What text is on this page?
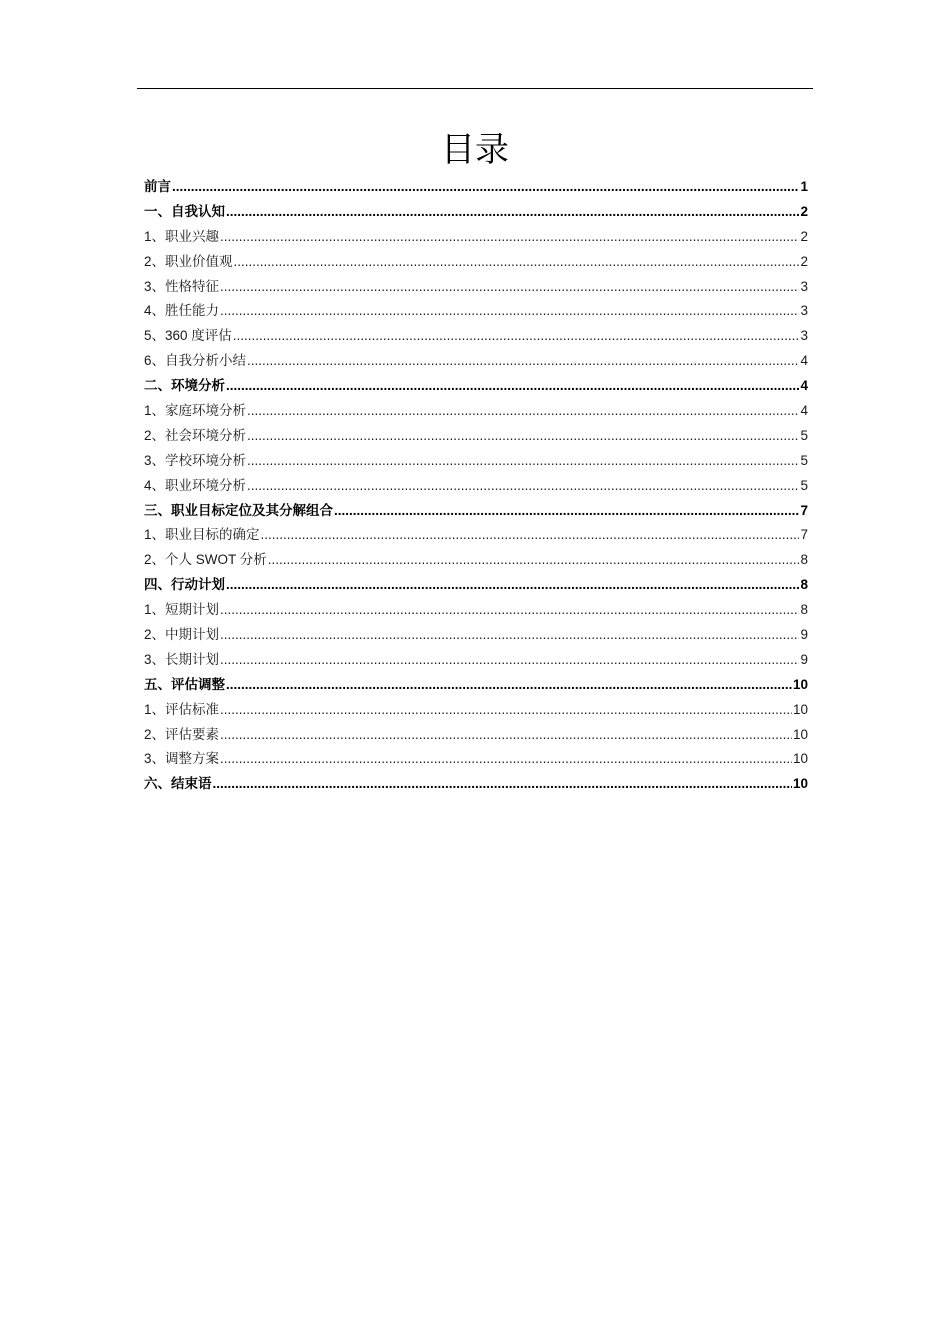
目录
前言 .....	1
一、自我认知 .....	2
1、职业兴趣 .....	2
2、职业价值观 .....	2
3、性格特征 .....	3
4、胜任能力 .....	3
5、360 度评估 .....	3
6、自我分析小结 .....	4
二、环境分析 .....	4
1、家庭环境分析 .....	4
2、社会环境分析 .....	5
3、学校环境分析 .....	5
4、职业环境分析 .....	5
三、职业目标定位及其分解组合 .....	7
1、职业目标的确定 .....	7
2、个人 SWOT 分析 .....	8
四、行动计划 .....	8
1、短期计划 .....	8
2、中期计划 .....	9
3、长期计划 .....	9
五、评估调整 .....	10
1、评估标准 .....	10
2、评估要素 .....	10
3、调整方案 .....	10
六、结束语 .....	10
